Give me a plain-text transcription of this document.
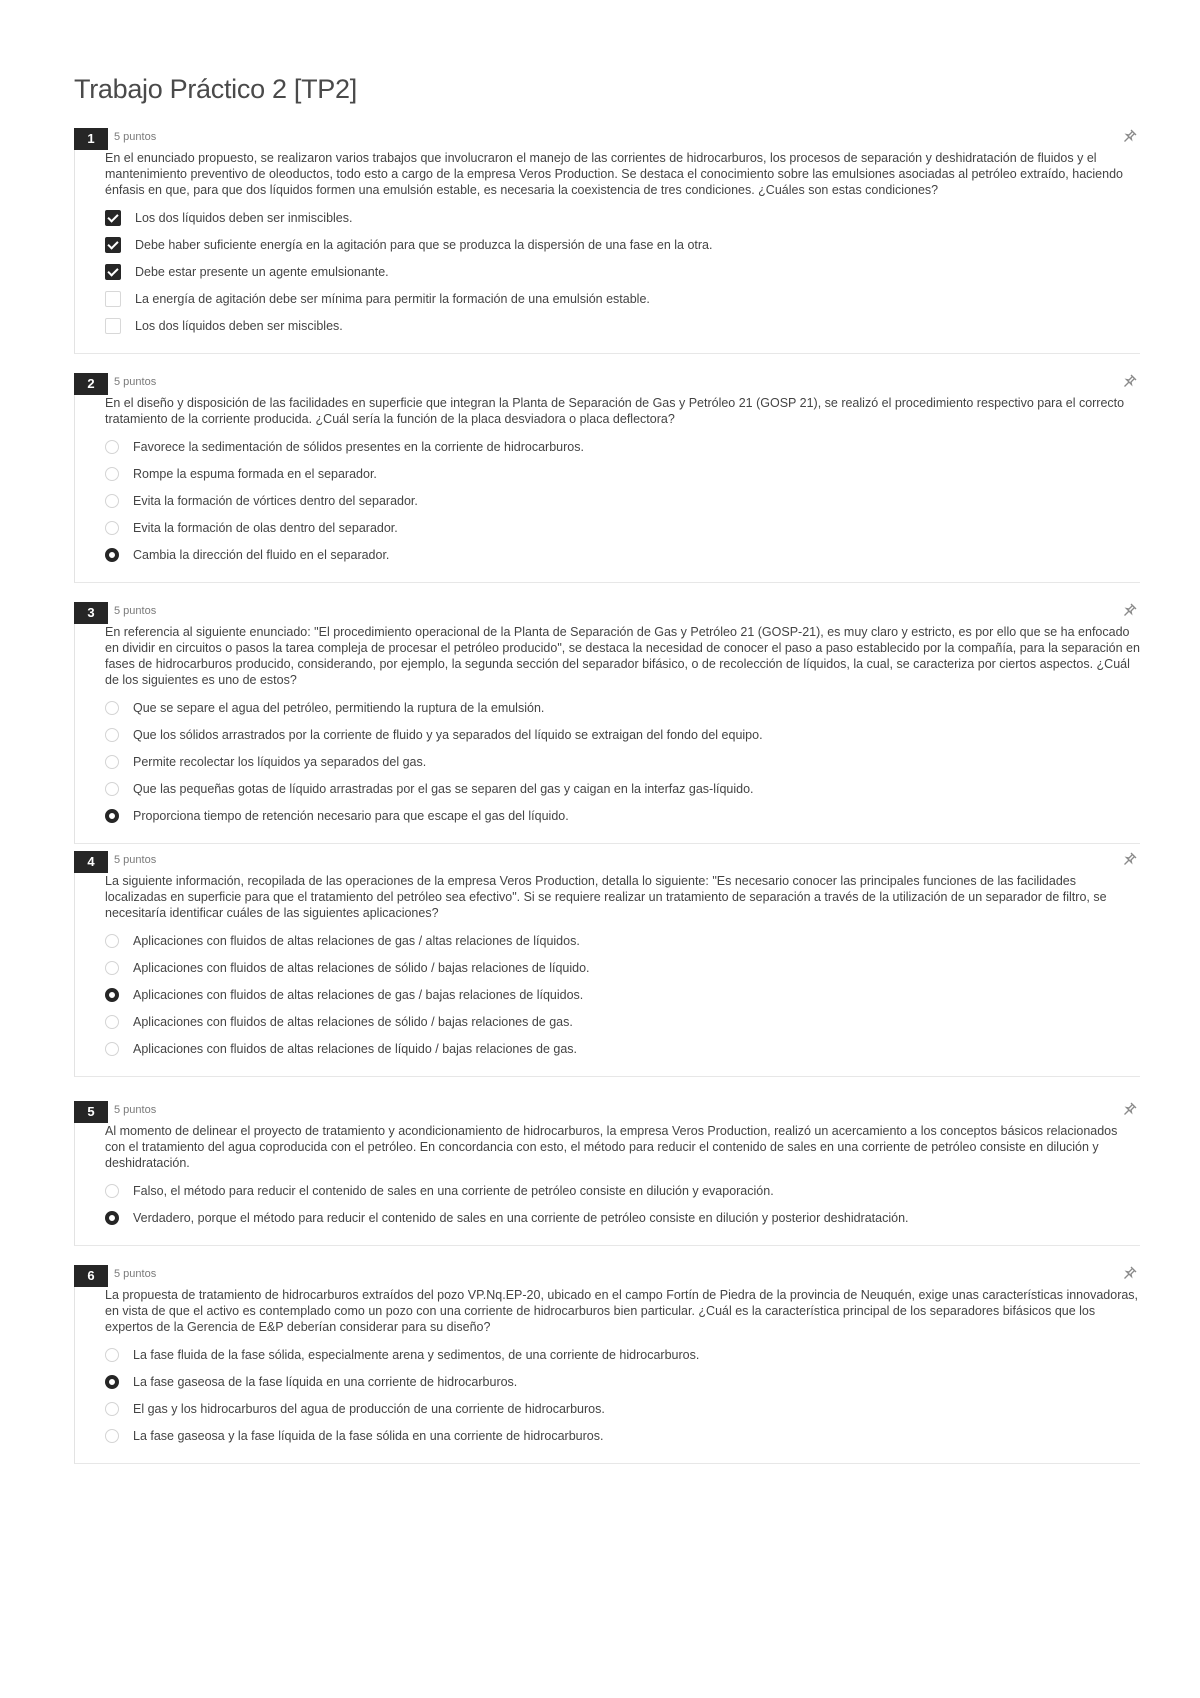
Trabajo Práctico 2 [TP2]
1	5 puntos

En el enunciado propuesto, se realizaron varios trabajos que involucraron el manejo de las corrientes de hidrocarburos, los procesos de separación y deshidratación de fluidos y el mantenimiento preventivo de oleoductos, todo esto a cargo de la empresa Veros Production. Se destaca el conocimiento sobre las emulsiones asociadas al petróleo extraído, haciendo énfasis en que, para que dos líquidos formen una emulsión estable, es necesaria la coexistencia de tres condiciones. ¿Cuáles son estas condiciones?

Los dos líquidos deben ser inmiscibles.
Debe haber suficiente energía en la agitación para que se produzca la dispersión de una fase en la otra.
Debe estar presente un agente emulsionante.
La energía de agitación debe ser mínima para permitir la formación de una emulsión estable.
Los dos líquidos deben ser miscibles.
2	5 puntos

En el diseño y disposición de las facilidades en superficie que integran la Planta de Separación de Gas y Petróleo 21 (GOSP 21), se realizó el procedimiento respectivo para el correcto tratamiento de la corriente producida. ¿Cuál sería la función de la placa desviadora o placa deflectora?

Favorece la sedimentación de sólidos presentes en la corriente de hidrocarburos.
Rompe la espuma formada en el separador.
Evita la formación de vórtices dentro del separador.
Evita la formación de olas dentro del separador.
Cambia la dirección del fluido en el separador.
3	5 puntos

En referencia al siguiente enunciado: "El procedimiento operacional de la Planta de Separación de Gas y Petróleo 21 (GOSP-21), es muy claro y estricto, es por ello que se ha enfocado en dividir en circuitos o pasos la tarea compleja de procesar el petróleo producido", se destaca la necesidad de conocer el paso a paso establecido por la compañía, para la separación en fases de hidrocarburos producido, considerando, por ejemplo, la segunda sección del separador bifásico, o de recolección de líquidos, la cual, se caracteriza por ciertos aspectos. ¿Cuál de los siguientes es uno de estos?

Que se separe el agua del petróleo, permitiendo la ruptura de la emulsión.
Que los sólidos arrastrados por la corriente de fluido y ya separados del líquido se extraigan del fondo del equipo.
Permite recolectar los líquidos ya separados del gas.
Que las pequeñas gotas de líquido arrastradas por el gas se separen del gas y caigan en la interfaz gas-líquido.
Proporciona tiempo de retención necesario para que escape el gas del líquido.
4	5 puntos

La siguiente información, recopilada de las operaciones de la empresa Veros Production, detalla lo siguiente: "Es necesario conocer las principales funciones de las facilidades localizadas en superficie para que el tratamiento del petróleo sea efectivo". Si se requiere realizar un tratamiento de separación a través de la utilización de un separador de filtro, se necesitaría identificar cuáles de las siguientes aplicaciones?

Aplicaciones con fluidos de altas relaciones de gas / altas relaciones de líquidos.
Aplicaciones con fluidos de altas relaciones de sólido / bajas relaciones de líquido.
Aplicaciones con fluidos de altas relaciones de gas / bajas relaciones de líquidos.
Aplicaciones con fluidos de altas relaciones de sólido / bajas relaciones de gas.
Aplicaciones con fluidos de altas relaciones de líquido / bajas relaciones de gas.
5	5 puntos

Al momento de delinear el proyecto de tratamiento y acondicionamiento de hidrocarburos, la empresa Veros Production, realizó un acercamiento a los conceptos básicos relacionados con el tratamiento del agua coproducida con el petróleo. En concordancia con esto, el método para reducir el contenido de sales en una corriente de petróleo consiste en dilución y deshidratación.

Falso, el método para reducir el contenido de sales en una corriente de petróleo consiste en dilución y evaporación.
Verdadero, porque el método para reducir el contenido de sales en una corriente de petróleo consiste en dilución y posterior deshidratación.
6	5 puntos

La propuesta de tratamiento de hidrocarburos extraídos del pozo VP.Nq.EP-20, ubicado en el campo Fortín de Piedra de la provincia de Neuquén, exige unas características innovadoras, en vista de que el activo es contemplado como un pozo con una corriente de hidrocarburos bien particular. ¿Cuál es la característica principal de los separadores bifásicos que los expertos de la Gerencia de E&P deberían considerar para su diseño?

La fase fluida de la fase sólida, especialmente arena y sedimentos, de una corriente de hidrocarburos.
La fase gaseosa de la fase líquida en una corriente de hidrocarburos.
El gas y los hidrocarburos del agua de producción de una corriente de hidrocarburos.
La fase gaseosa y la fase líquida de la fase sólida en una corriente de hidrocarburos.
